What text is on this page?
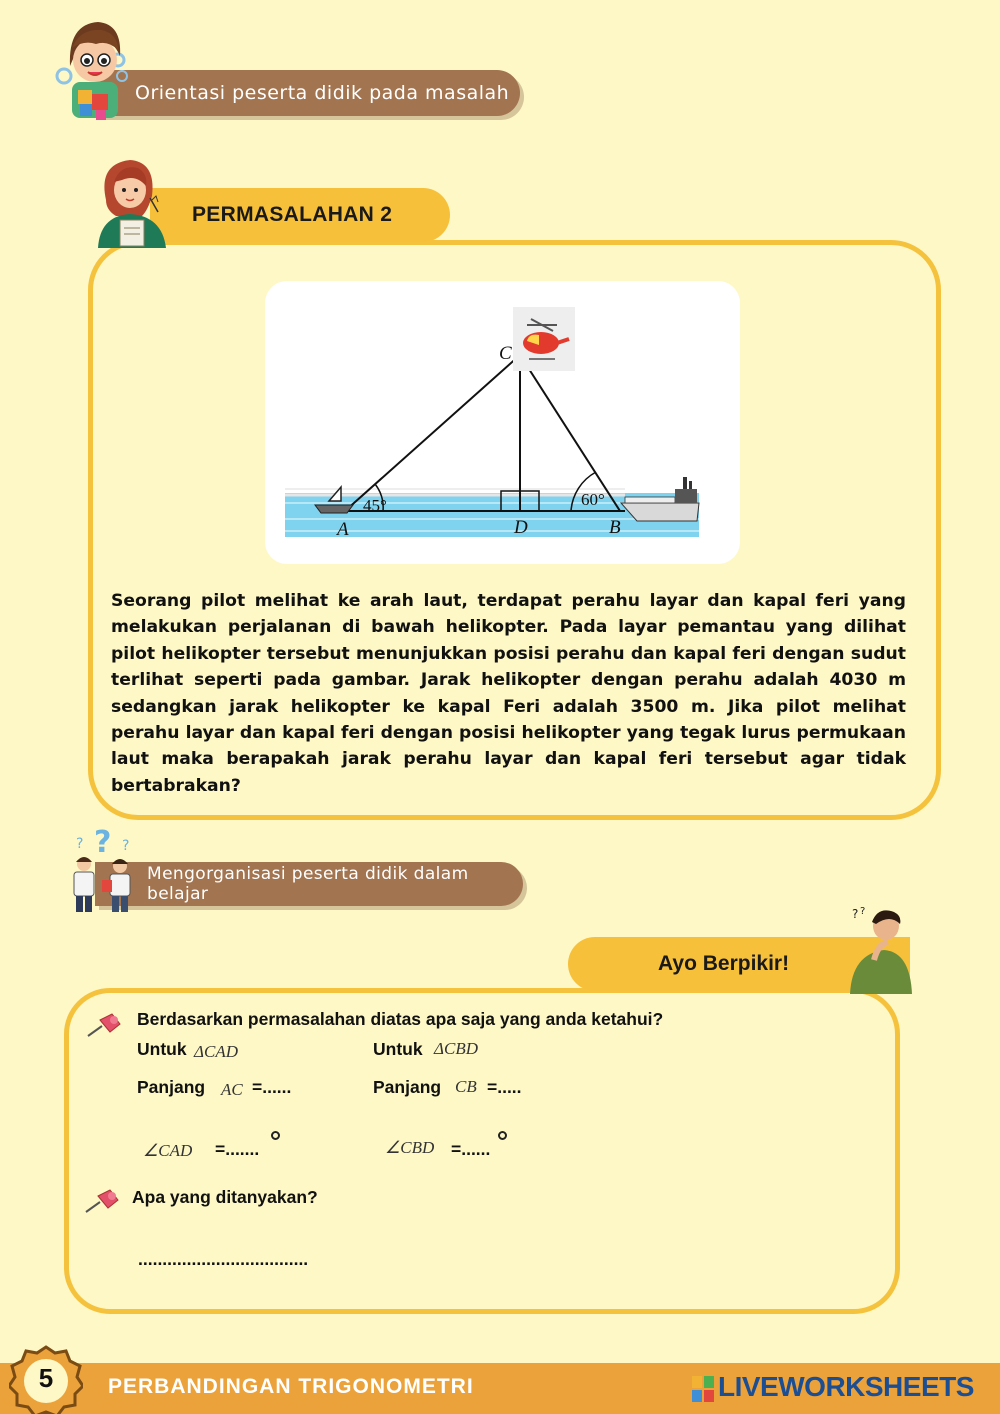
Orientasi peserta didik pada masalah
PERMASALAHAN 2
C
A	D	B
45°	60°

Seorang pilot melihat ke arah laut, terdapat perahu layar dan kapal feri yang melakukan perjalanan di bawah helikopter. Pada layar pemantau yang dilihat pilot helikopter tersebut menunjukkan posisi perahu dan kapal feri dengan sudut terlihat seperti pada gambar. Jarak helikopter dengan perahu adalah 4030 m sedangkan jarak helikopter ke kapal Feri adalah 3500 m. Jika pilot melihat perahu layar dan kapal feri dengan posisi helikopter yang tegak lurus permukaan laut maka berapakah jarak perahu layar dan kapal feri tersebut agar tidak bertabrakan?

Mengorganisasi peserta didik dalam belajar
?
?	?
Ayo Berpikir!
? ?
Berdasarkan permasalahan diatas apa saja yang anda ketahui?
Untuk ΔCAD	Untuk ΔCBD
Panjang AC =......	Panjang CB =.....
∠CAD =.......	∠CBD =......
Apa yang ditanyakan?
...................................
5	PERBANDINGAN TRIGONOMETRI	LIVEWORKSHEETS
